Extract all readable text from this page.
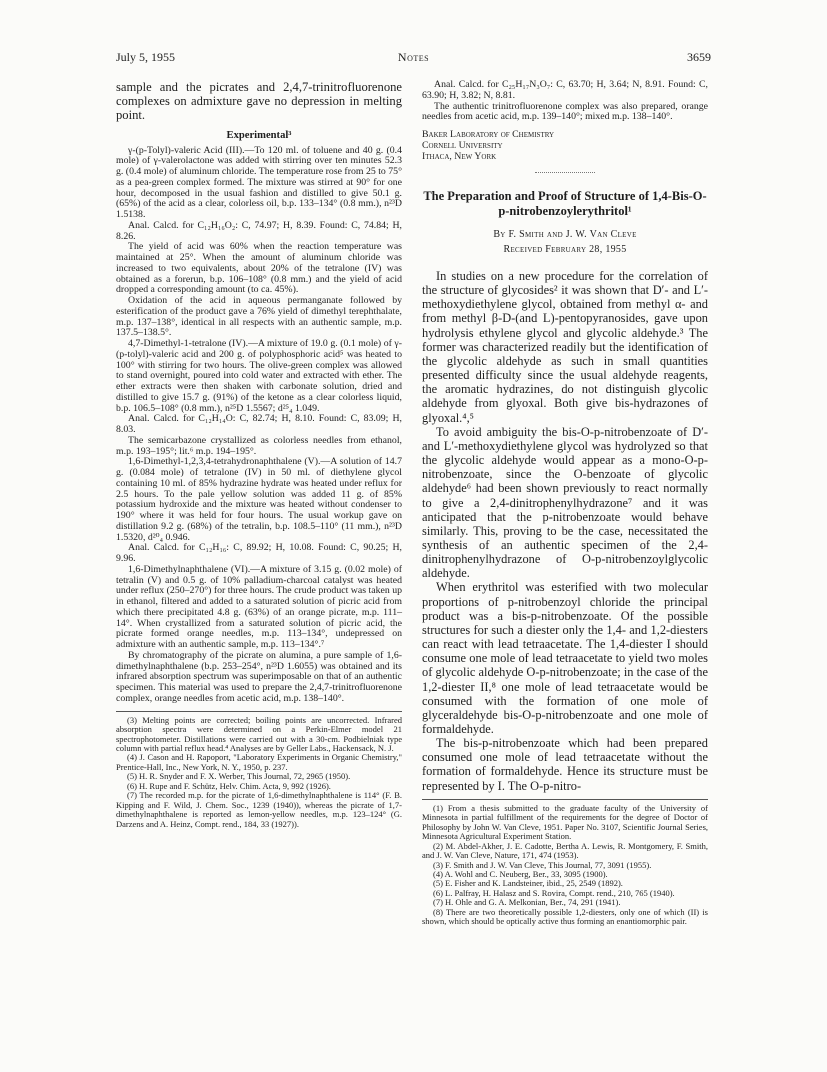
July 5, 1955	Notes	3659

sample and the picrates and 2,4,7-trinitrofluorenone complexes on admixture gave no depression in melting point.

Experimental³

γ-(p-Tolyl)-valeric Acid (III).—To 120 ml. of toluene and 40 g. (0.4 mole) of γ-valerolactone was added with stirring over ten minutes 52.3 g. (0.4 mole) of aluminum chloride. The temperature rose from 25 to 75° as a pea-green complex formed. The mixture was stirred at 90° for one hour, decomposed in the usual fashion and distilled to give 50.1 g. (65%) of the acid as a clear, colorless oil, b.p. 133–134° (0.8 mm.), n²³D 1.5138.

Anal. Calcd. for C₁₂H₁₆O₂: C, 74.97; H, 8.39. Found: C, 74.84; H, 8.26.

The yield of acid was 60% when the reaction temperature was maintained at 25°. When the amount of aluminum chloride was increased to two equivalents, about 20% of the tetralone (IV) was obtained as a forerun, b.p. 106–108° (0.8 mm.) and the yield of acid dropped a corresponding amount (to ca. 45%).

Oxidation of the acid in aqueous permanganate followed by esterification of the product gave a 76% yield of dimethyl terephthalate, m.p. 137–138°, identical in all respects with an authentic sample, m.p. 137.5–138.5°.

4,7-Dimethyl-1-tetralone (IV).—A mixture of 19.0 g. (0.1 mole) of γ-(p-tolyl)-valeric acid and 200 g. of polyphosphoric acid⁵ was heated to 100° with stirring for two hours. The olive-green complex was allowed to stand overnight, poured into cold water and extracted with ether. The ether extracts were then shaken with carbonate solution, dried and distilled to give 15.7 g. (91%) of the ketone as a clear colorless liquid, b.p. 106.5–108° (0.8 mm.), n²⁵D 1.5567; d²⁵₄ 1.049.

Anal. Calcd. for C₁₂H₁₄O: C, 82.74; H, 8.10. Found: C, 83.09; H, 8.03.

The semicarbazone crystallized as colorless needles from ethanol, m.p. 193–195°; lit.⁶ m.p. 194–195°.

1,6-Dimethyl-1,2,3,4-tetrahydronaphthalene (V).—A solution of 14.7 g. (0.084 mole) of tetralone (IV) in 50 ml. of diethylene glycol containing 10 ml. of 85% hydrazine hydrate was heated under reflux for 2.5 hours. To the pale yellow solution was added 11 g. of 85% potassium hydroxide and the mixture was heated without condenser to 190° where it was held for four hours. The usual workup gave on distillation 9.2 g. (68%) of the tetralin, b.p. 108.5–110° (11 mm.), n²³D 1.5320, d²⁰₄ 0.946.

Anal. Calcd. for C₁₂H₁₆: C, 89.92; H, 10.08. Found: C, 90.25; H, 9.96.

1,6-Dimethylnaphthalene (VI).—A mixture of 3.15 g. (0.02 mole) of tetralin (V) and 0.5 g. of 10% palladium-charcoal catalyst was heated under reflux (250–270°) for three hours. The crude product was taken up in ethanol, filtered and added to a saturated solution of picric acid from which there precipitated 4.8 g. (63%) of an orange picrate, m.p. 111–14°. When crystallized from a saturated solution of picric acid, the picrate formed orange needles, m.p. 113–134°, undepressed on admixture with an authentic sample, m.p. 113–134°.⁷

By chromatography of the picrate on alumina, a pure sample of 1,6-dimethylnaphthalene (b.p. 253–254°, n²³D 1.6055) was obtained and its infrared absorption spectrum was superimposable on that of an authentic specimen. This material was used to prepare the 2,4,7-trinitrofluorenone complex, orange needles from acetic acid, m.p. 138–140°.

(3) Melting points are corrected; boiling points are uncorrected. Infrared absorption spectra were determined on a Perkin-Elmer model 21 spectrophotometer. Distillations were carried out with a 30-cm. Podbielniak type column with partial reflux head.⁴ Analyses are by Geller Labs., Hackensack, N. J.

(4) J. Cason and H. Rapoport, "Laboratory Experiments in Organic Chemistry," Prentice-Hall, Inc., New York, N. Y., 1950, p. 237.

(5) H. R. Snyder and F. X. Werber, This Journal, 72, 2965 (1950).

(6) H. Rupe and F. Schütz, Helv. Chim. Acta, 9, 992 (1926).

(7) The recorded m.p. for the picrate of 1,6-dimethylnaphthalene is 114° (F. B. Kipping and F. Wild, J. Chem. Soc., 1239 (1940)), whereas the picrate of 1,7-dimethylnaphthalene is reported as lemon-yellow needles, m.p. 123–124° (G. Darzens and A. Heinz, Compt. rend., 184, 33 (1927)).

Anal. Calcd. for C₂₅H₁₇N₃O₇: C, 63.70; H, 3.64; N, 8.91. Found: C, 63.90; H, 3.82; N, 8.81.

The authentic trinitrofluorenone complex was also prepared, orange needles from acetic acid, m.p. 139–140°; mixed m.p. 138–140°.

Baker Laboratory of Chemistry
Cornell University
Ithaca, New York
The Preparation and Proof of Structure of 1,4-Bis-O-p-nitrobenzoylerythritol¹
By F. Smith and J. W. Van Cleve
Received February 28, 1955

In studies on a new procedure for the correlation of the structure of glycosides² it was shown that D′- and L′-methoxydiethylene glycol, obtained from methyl α- and from methyl β-D-(and L)-pentopyranosides, gave upon hydrolysis ethylene glycol and glycolic aldehyde.³ The former was characterized readily but the identification of the glycolic aldehyde as such in small quantities presented difficulty since the usual aldehyde reagents, the aromatic hydrazines, do not distinguish glycolic aldehyde from glyoxal. Both give bis-hydrazones of glyoxal.⁴,⁵

To avoid ambiguity the bis-O-p-nitrobenzoate of D′- and L′-methoxydiethylene glycol was hydrolyzed so that the glycolic aldehyde would appear as a mono-O-p-nitrobenzoate, since the O-benzoate of glycolic aldehyde⁶ had been shown previously to react normally to give a 2,4-dinitrophenylhydrazone⁷ and it was anticipated that the p-nitrobenzoate would behave similarly. This, proving to be the case, necessitated the synthesis of an authentic specimen of the 2,4-dinitrophenylhydrazone of O-p-nitrobenzoylglycolic aldehyde.

When erythritol was esterified with two molecular proportions of p-nitrobenzoyl chloride the principal product was a bis-p-nitrobenzoate. Of the possible structures for such a diester only the 1,4- and 1,2-diesters can react with lead tetraacetate. The 1,4-diester I should consume one mole of lead tetraacetate to yield two moles of glycolic aldehyde O-p-nitrobenzoate; in the case of the 1,2-diester II,⁸ one mole of lead tetraacetate would be consumed with the formation of one mole of glyceraldehyde bis-O-p-nitrobenzoate and one mole of formaldehyde.

The bis-p-nitrobenzoate which had been prepared consumed one mole of lead tetraacetate without the formation of formaldehyde. Hence its structure must be represented by I. The O-p-nitro-

(1) From a thesis submitted to the graduate faculty of the University of Minnesota in partial fulfillment of the requirements for the degree of Doctor of Philosophy by John W. Van Cleve, 1951. Paper No. 3107, Scientific Journal Series, Minnesota Agricultural Experiment Station.

(2) M. Abdel-Akher, J. E. Cadotte, Bertha A. Lewis, R. Montgomery, F. Smith, and J. W. Van Cleve, Nature, 171, 474 (1953).

(3) F. Smith and J. W. Van Cleve, This Journal, 77, 3091 (1955).

(4) A. Wohl and C. Neuberg, Ber., 33, 3095 (1900).

(5) E. Fisher and K. Landsteiner, ibid., 25, 2549 (1892).

(6) L. Palfray, H. Halasz and S. Rovira, Compt. rend., 210, 765 (1940).

(7) H. Ohle and G. A. Melkonian, Ber., 74, 291 (1941).

(8) There are two theoretically possible 1,2-diesters, only one of which (II) is shown, which should be optically active thus forming an enantiomorphic pair.
